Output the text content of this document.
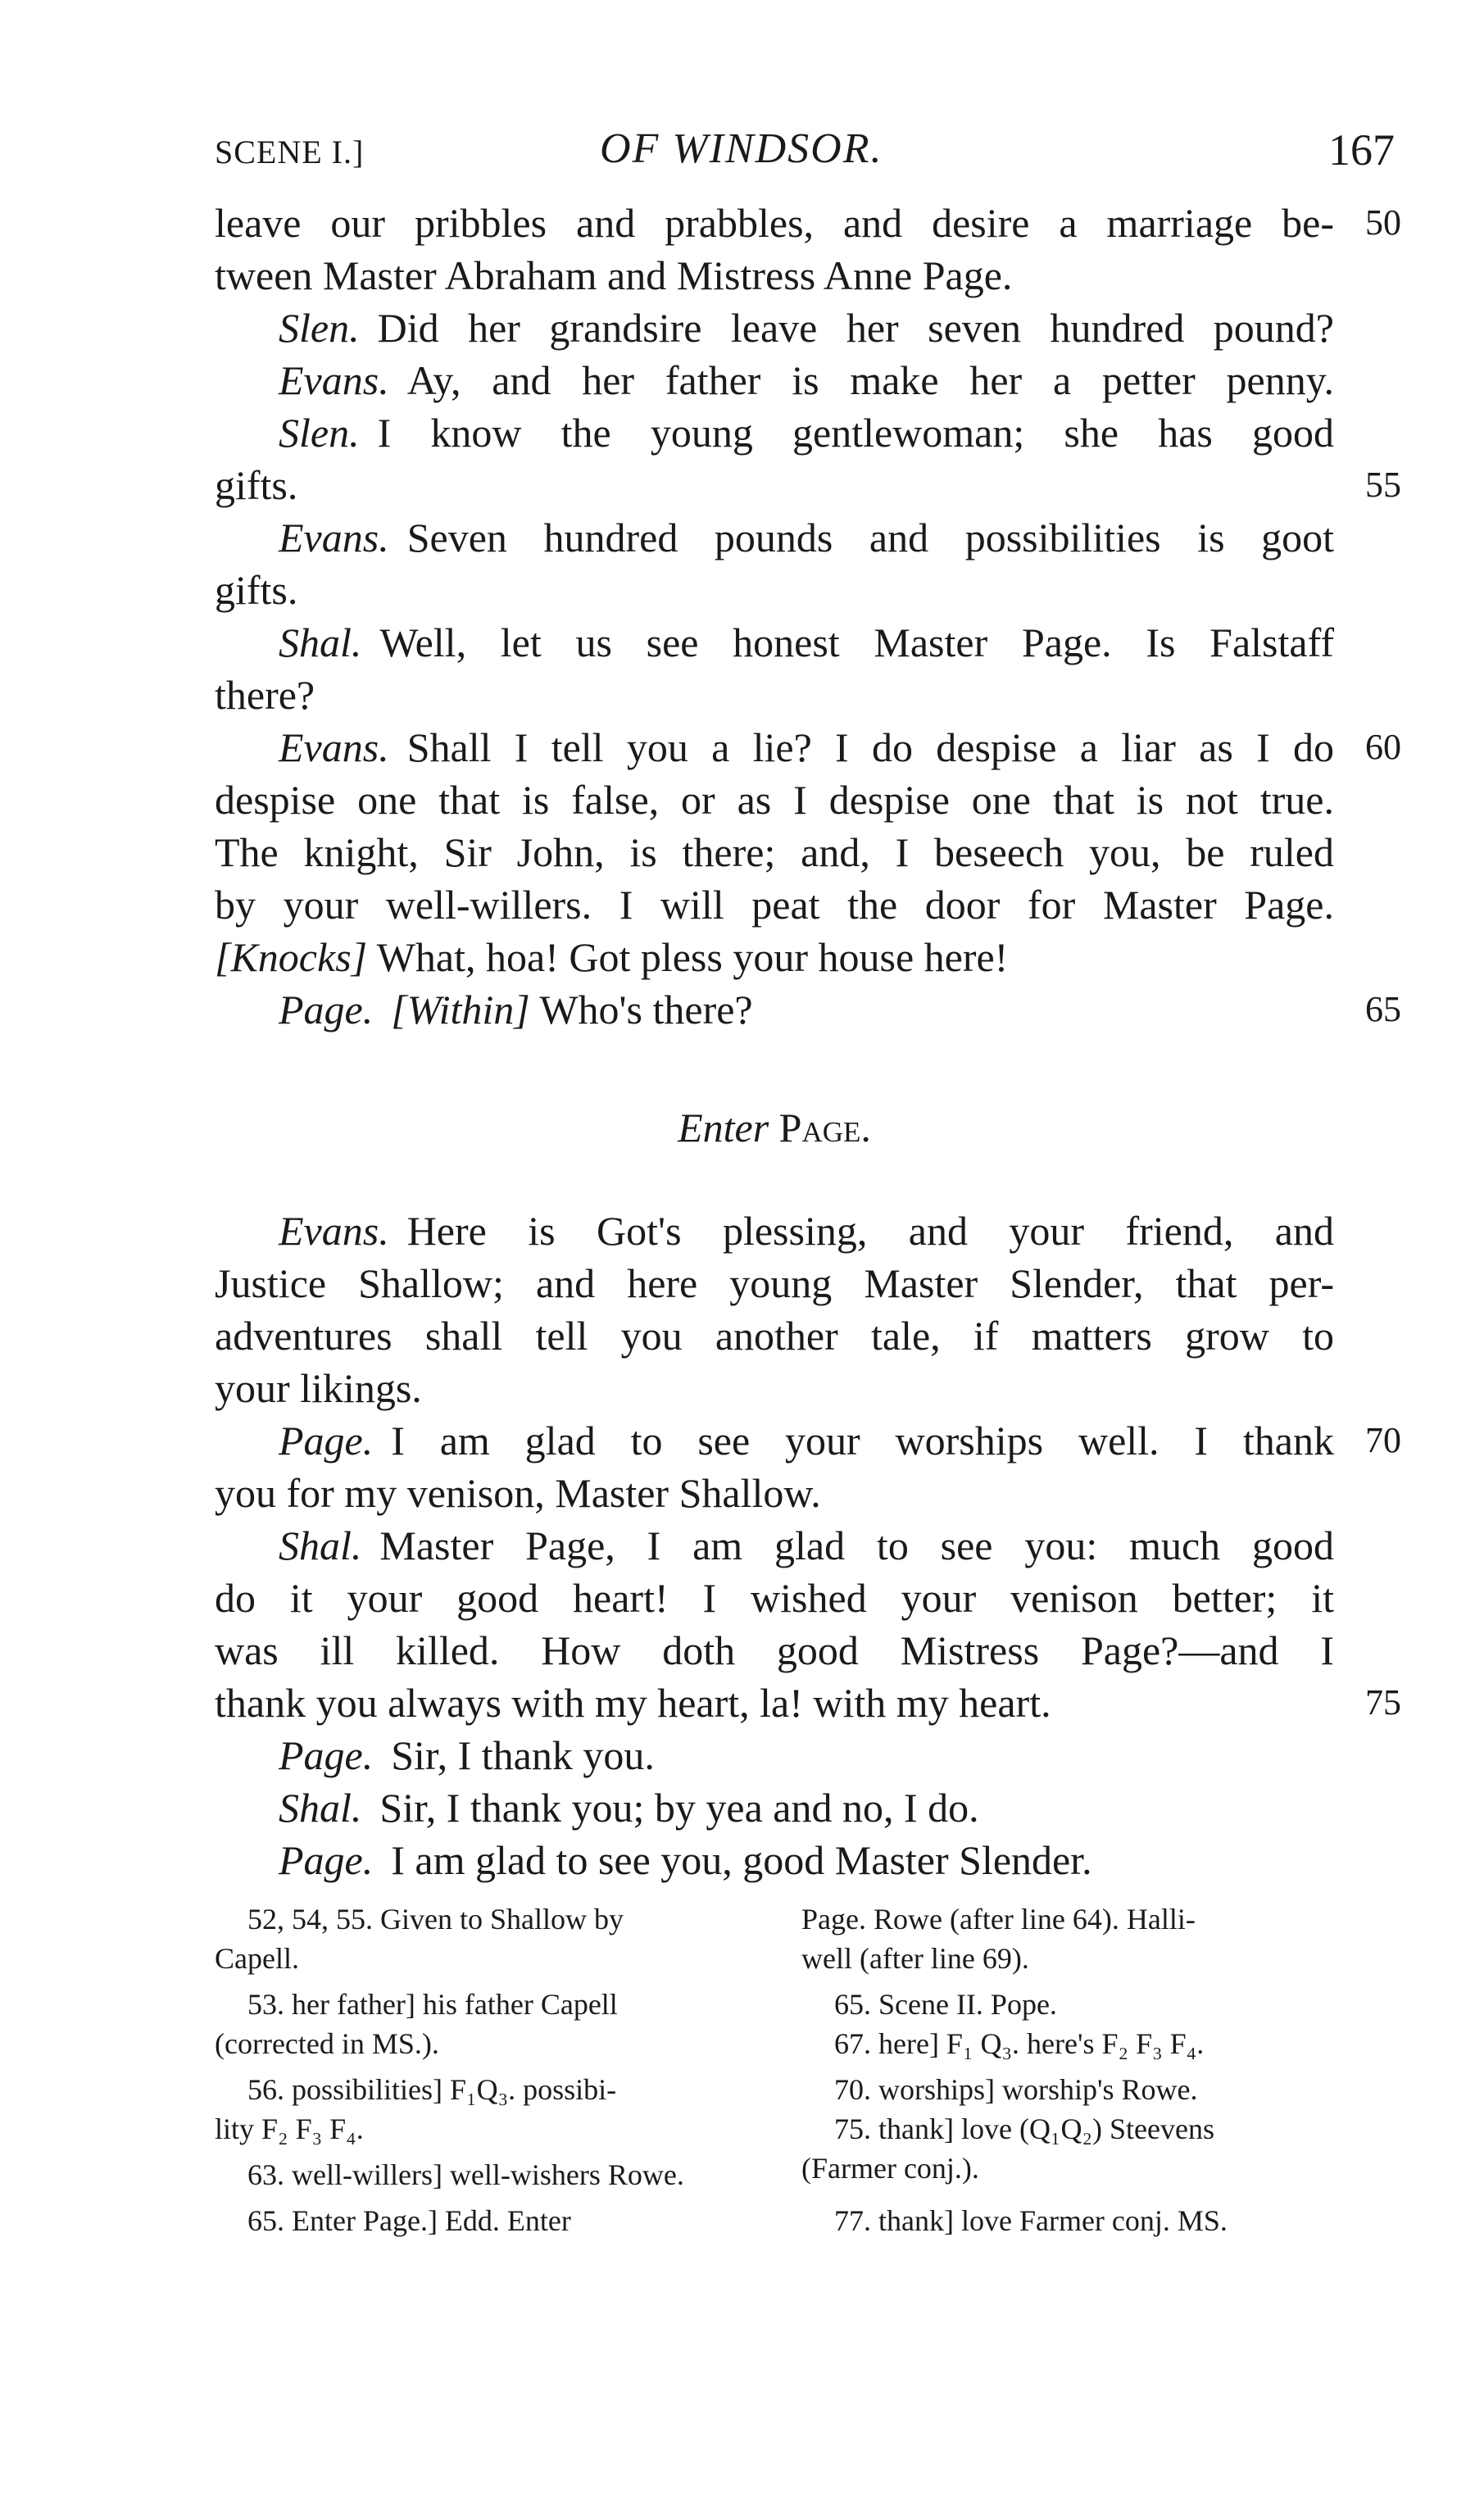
SCENE I.]	OF WINDSOR.	167
leave our pribbles and prabbles, and desire a marriage be-
tween Master Abraham and Mistress Anne Page.
Slen. Did her grandsire leave her seven hundred pound?
Evans. Ay, and her father is make her a petter penny.
Slen. I know the young gentlewoman; she has good
gifts.
Evans. Seven hundred pounds and possibilities is goot
gifts.
Shal. Well, let us see honest Master Page. Is Falstaff
there?
Evans. Shall I tell you a lie? I do despise a liar as I do
despise one that is false, or as I despise one that is not true.
The knight, Sir John, is there; and, I beseech you, be ruled
by your well-willers. I will peat the door for Master Page.
[Knocks] What, hoa! Got pless your house here!
Page. [Within] Who's there?
Enter Page.
Evans. Here is Got's plessing, and your friend, and
Justice Shallow; and here young Master Slender, that per-
adventures shall tell you another tale, if matters grow to
your likings.
Page. I am glad to see your worships well. I thank
you for my venison, Master Shallow.
Shal. Master Page, I am glad to see you: much good
do it your good heart! I wished your venison better; it
was ill killed. How doth good Mistress Page?—and I
thank you always with my heart, la! with my heart.
Page. Sir, I thank you.
Shal. Sir, I thank you; by yea and no, I do.
Page. I am glad to see you, good Master Slender.
50
55
60
65
70
75
52, 54, 55. Given to Shallow by
Capell.
53. her father] his father Capell
(corrected in MS.).
56. possibilities] F₁Q₃. possibi-
lity F₂ F₃ F₄.
63. well-willers] well-wishers Rowe.
65. Enter Page.] Edd. Enter
Page. Rowe (after line 64). Halli-
well (after line 69).
65. Scene II. Pope.
67. here] F₁ Q₃. here's F₂ F₃ F₄.
70. worships] worship's Rowe.
75. thank] love (Q₁Q₂) Steevens
(Farmer conj.).
77. thank] love Farmer conj. MS.
